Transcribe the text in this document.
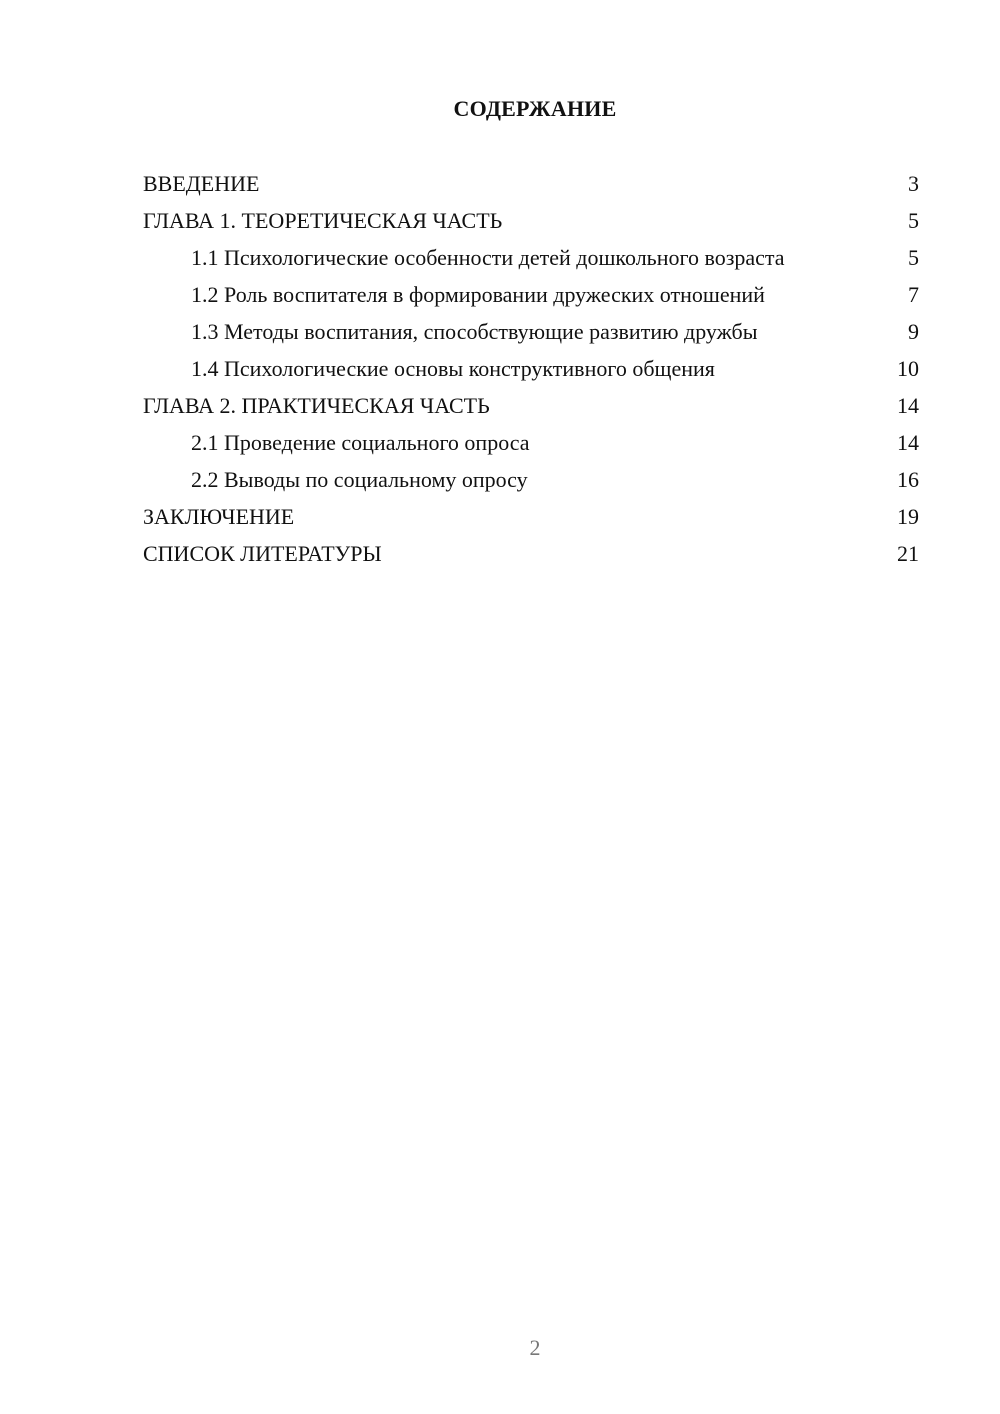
СОДЕРЖАНИЕ
ВВЕДЕНИЕ	3
ГЛАВА 1. ТЕОРЕТИЧЕСКАЯ ЧАСТЬ	5
1.1 Психологические особенности детей дошкольного возраста	5
1.2 Роль воспитателя в формировании дружеских отношений	7
1.3 Методы воспитания, способствующие развитию дружбы	9
1.4 Психологические основы конструктивного общения	10
ГЛАВА 2. ПРАКТИЧЕСКАЯ ЧАСТЬ	14
2.1 Проведение социального опроса	14
2.2 Выводы по социальному опросу	16
ЗАКЛЮЧЕНИЕ	19
СПИСОК ЛИТЕРАТУРЫ	21
2
